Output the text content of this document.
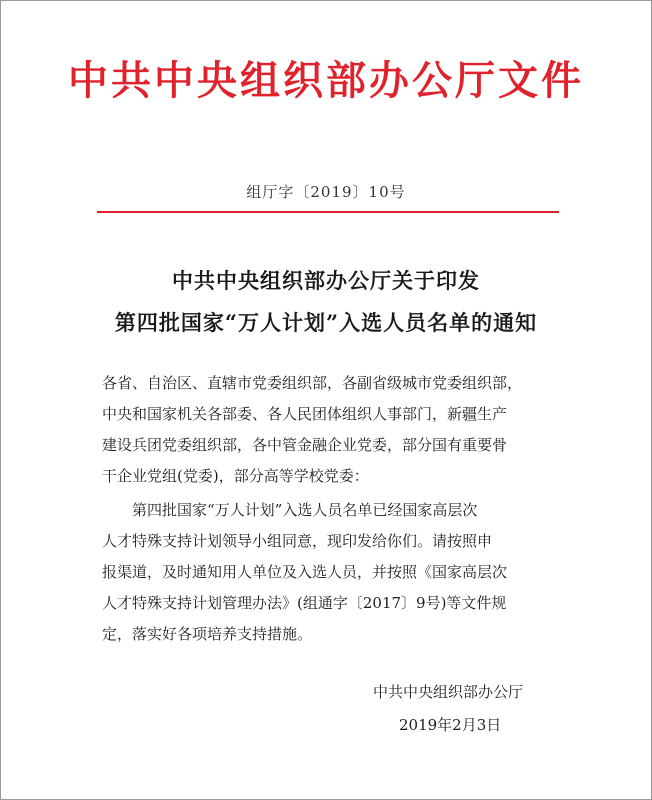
中共中央组织部办公厅文件
组厅字〔2019〕10号
中共中央组织部办公厅关于印发
第四批国家“万人计划”入选人员名单的通知
各省、自治区、直辖市党委组织部，各副省级城市党委组织部，
中央和国家机关各部委、各人民团体组织人事部门，新疆生产
建设兵团党委组织部，各中管金融企业党委，部分国有重要骨
干企业党组(党委)，部分高等学校党委：
第四批国家“万人计划”入选人员名单已经国家高层次
人才特殊支持计划领导小组同意，现印发给你们。请按照申
报渠道，及时通知用人单位及入选人员，并按照《国家高层次
人才特殊支持计划管理办法》(组通字〔2017〕9号)等文件规
定，落实好各项培养支持措施。
中共中央组织部办公厅
2019年2月3日
